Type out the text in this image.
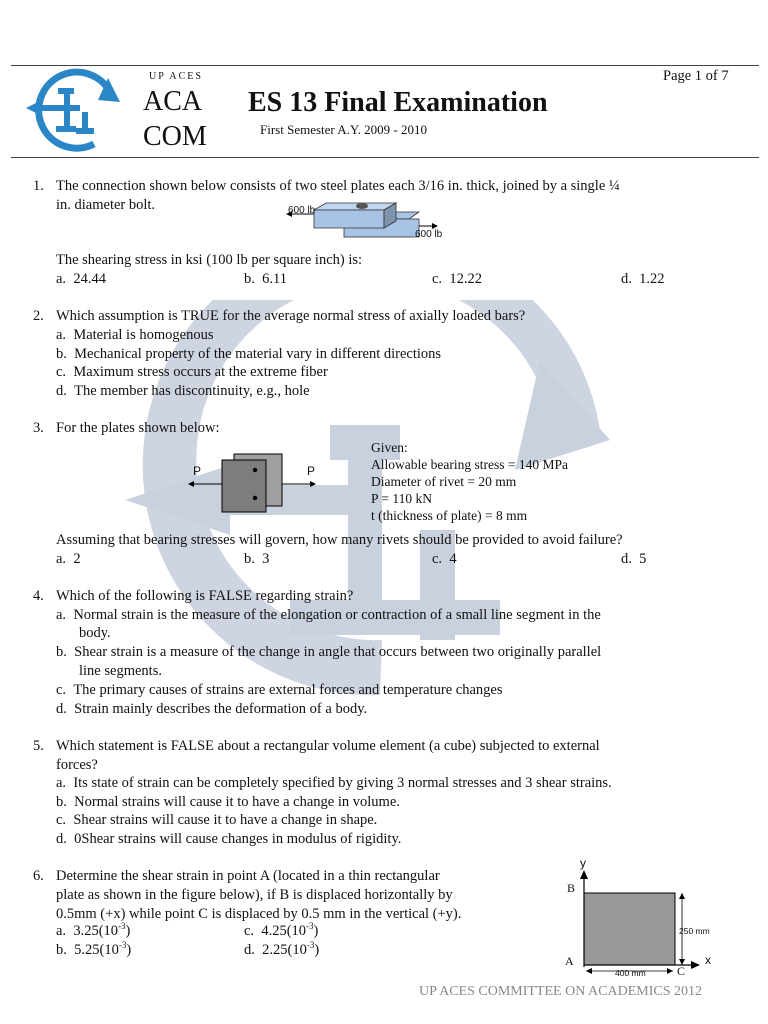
UP ACES
ACA
COM
ES 13 Final Examination
First Semester A.Y. 2009 - 2010
Page 1 of 7
1. The connection shown below consists of two steel plates each 3/16 in. thick, joined by a single ¼
in. diameter bolt.	600 lb
600 lb
The shearing stress in ksi (100 lb per square inch) is:
a. 24.44	b. 6.11	c. 12.22	d. 1.22
2. Which assumption is TRUE for the average normal stress of axially loaded bars?
a. Material is homogenous
b. Mechanical property of the material vary in different directions
c. Maximum stress occurs at the extreme fiber
d. The member has discontinuity, e.g., hole
3. For the plates shown below:
P	P
Given:
Allowable bearing stress = 140 MPa
Diameter of rivet = 20 mm
P = 110 kN
t (thickness of plate) = 8 mm
Assuming that bearing stresses will govern, how many rivets should be provided to avoid failure?
a. 2	b. 3	c. 4	d. 5
4. Which of the following is FALSE regarding strain?
a. Normal strain is the measure of the elongation or contraction of a small line segment in the
body.
b. Shear strain is a measure of the change in angle that occurs between two originally parallel
line segments.
c. The primary causes of strains are external forces and temperature changes
d. Strain mainly describes the deformation of a body.
5. Which statement is FALSE about a rectangular volume element (a cube) subjected to external
forces?
a. Its state of strain can be completely specified by giving 3 normal stresses and 3 shear strains.
b. Normal strains will cause it to have a change in volume.
c. Shear strains will cause it to have a change in shape.
d. 0Shear strains will cause changes in modulus of rigidity.
6. Determine the shear strain in point A (located in a thin rectangular
plate as shown in the figure below), if B is displaced horizontally by
0.5mm (+x) while point C is displaced by 0.5 mm in the vertical (+y).
a. $3.25(10^{-3})$	c. $4.25(10^{-3})$
b. $5.25(10^{-3})$	d. $2.25(10^{-3})$
y
x
B
A
C
250 mm
400 mm
UP ACES COMMITTEE ON ACADEMICS 2012
